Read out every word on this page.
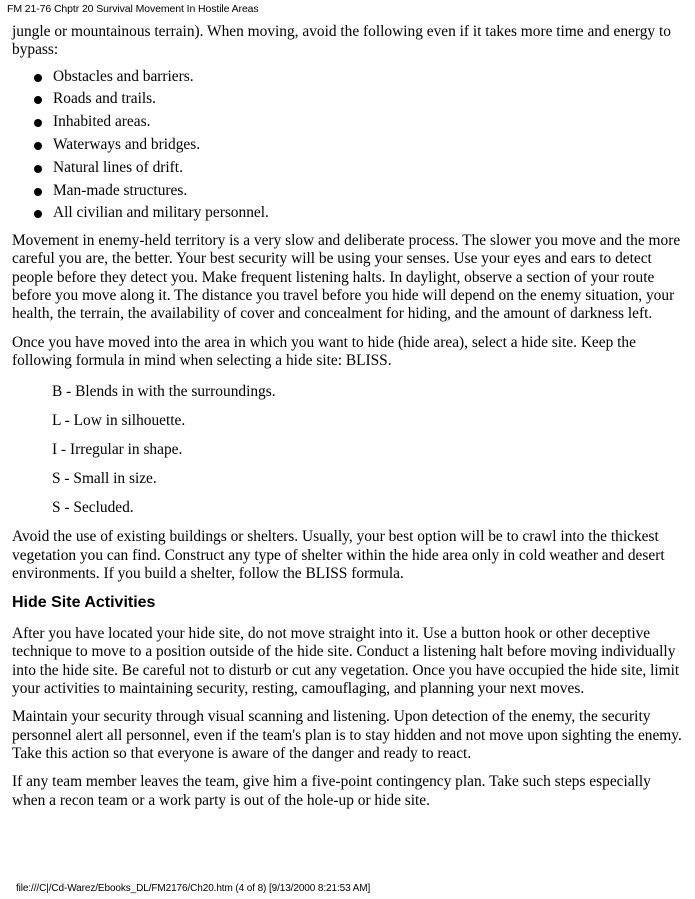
FM 21-76 Chptr 20 Survival Movement In Hostile Areas

jungle or mountainous terrain). When moving, avoid the following even if it takes more time and energy to bypass:

Obstacles and barriers.
Roads and trails.
Inhabited areas.
Waterways and bridges.
Natural lines of drift.
Man-made structures.
All civilian and military personnel.

Movement in enemy-held territory is a very slow and deliberate process. The slower you move and the more careful you are, the better. Your best security will be using your senses. Use your eyes and ears to detect people before they detect you. Make frequent listening halts. In daylight, observe a section of your route before you move along it. The distance you travel before you hide will depend on the enemy situation, your health, the terrain, the availability of cover and concealment for hiding, and the amount of darkness left.

Once you have moved into the area in which you want to hide (hide area), select a hide site. Keep the following formula in mind when selecting a hide site: BLISS.

B - Blends in with the surroundings.
L - Low in silhouette.
I - Irregular in shape.
S - Small in size.
S - Secluded.

Avoid the use of existing buildings or shelters. Usually, your best option will be to crawl into the thickest vegetation you can find. Construct any type of shelter within the hide area only in cold weather and desert environments. If you build a shelter, follow the BLISS formula.

Hide Site Activities

After you have located your hide site, do not move straight into it. Use a button hook or other deceptive technique to move to a position outside of the hide site. Conduct a listening halt before moving individually into the hide site. Be careful not to disturb or cut any vegetation. Once you have occupied the hide site, limit your activities to maintaining security, resting, camouflaging, and planning your next moves.

Maintain your security through visual scanning and listening. Upon detection of the enemy, the security personnel alert all personnel, even if the team's plan is to stay hidden and not move upon sighting the enemy. Take this action so that everyone is aware of the danger and ready to react.

If any team member leaves the team, give him a five-point contingency plan. Take such steps especially when a recon team or a work party is out of the hole-up or hide site.

file:///C|/Cd-Warez/Ebooks_DL/FM2176/Ch20.htm (4 of 8) [9/13/2000 8:21:53 AM]
